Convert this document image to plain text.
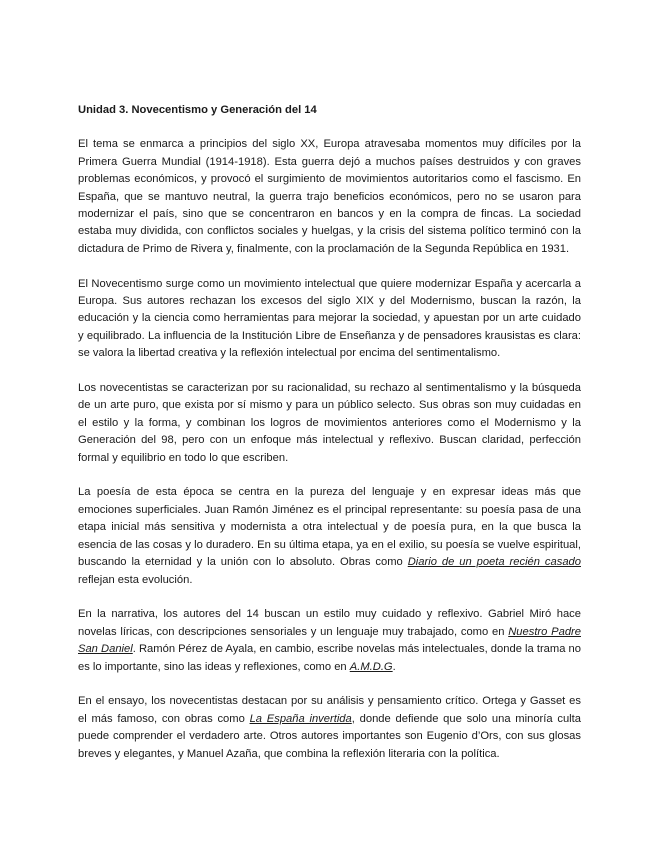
Unidad 3. Novecentismo y Generación del 14

El tema se enmarca a principios del siglo XX, Europa atravesaba momentos muy difíciles por la Primera Guerra Mundial (1914-1918). Esta guerra dejó a muchos países destruidos y con graves problemas económicos, y provocó el surgimiento de movimientos autoritarios como el fascismo. En España, que se mantuvo neutral, la guerra trajo beneficios económicos, pero no se usaron para modernizar el país, sino que se concentraron en bancos y en la compra de fincas. La sociedad estaba muy dividida, con conflictos sociales y huelgas, y la crisis del sistema político terminó con la dictadura de Primo de Rivera y, finalmente, con la proclamación de la Segunda República en 1931.

El Novecentismo surge como un movimiento intelectual que quiere modernizar España y acercarla a Europa. Sus autores rechazan los excesos del siglo XIX y del Modernismo, buscan la razón, la educación y la ciencia como herramientas para mejorar la sociedad, y apuestan por un arte cuidado y equilibrado. La influencia de la Institución Libre de Enseñanza y de pensadores krausistas es clara: se valora la libertad creativa y la reflexión intelectual por encima del sentimentalismo.

Los novecentistas se caracterizan por su racionalidad, su rechazo al sentimentalismo y la búsqueda de un arte puro, que exista por sí mismo y para un público selecto. Sus obras son muy cuidadas en el estilo y la forma, y combinan los logros de movimientos anteriores como el Modernismo y la Generación del 98, pero con un enfoque más intelectual y reflexivo. Buscan claridad, perfección formal y equilibrio en todo lo que escriben.

La poesía de esta época se centra en la pureza del lenguaje y en expresar ideas más que emociones superficiales. Juan Ramón Jiménez es el principal representante: su poesía pasa de una etapa inicial más sensitiva y modernista a otra intelectual y de poesía pura, en la que busca la esencia de las cosas y lo duradero. En su última etapa, ya en el exilio, su poesía se vuelve espiritual, buscando la eternidad y la unión con lo absoluto. Obras como Diario de un poeta recién casado reflejan esta evolución.

En la narrativa, los autores del 14 buscan un estilo muy cuidado y reflexivo. Gabriel Miró hace novelas líricas, con descripciones sensoriales y un lenguaje muy trabajado, como en Nuestro Padre San Daniel. Ramón Pérez de Ayala, en cambio, escribe novelas más intelectuales, donde la trama no es lo importante, sino las ideas y reflexiones, como en A.M.D.G.

En el ensayo, los novecentistas destacan por su análisis y pensamiento crítico. Ortega y Gasset es el más famoso, con obras como La España invertida, donde defiende que solo una minoría culta puede comprender el verdadero arte. Otros autores importantes son Eugenio d’Ors, con sus glosas breves y elegantes, y Manuel Azaña, que combina la reflexión literaria con la política.
